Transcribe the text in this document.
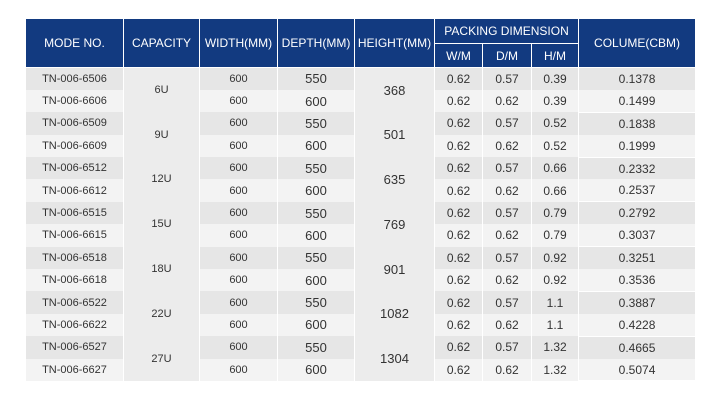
MODE NO.	CAPACITY	WIDTH(MM)	DEPTH(MM)	HEIGHT(MM)	PACKING DIMENSION			COLUME(CBM)
					W/M	D/M	H/M	
TN-006-6506	6U	600	550	368	0.62	0.57	0.39	0.1378
TN-006-6606		600	600		0.62	0.62	0.39	0.1499
TN-006-6509	9U	600	550	501	0.62	0.57	0.52	0.1838
TN-006-6609		600	600		0.62	0.62	0.52	0.1999
TN-006-6512	12U	600	550	635	0.62	0.57	0.66	0.2332
TN-006-6612		600	600		0.62	0.62	0.66	0.2537
TN-006-6515	15U	600	550	769	0.62	0.57	0.79	0.2792
TN-006-6615		600	600		0.62	0.62	0.79	0.3037
TN-006-6518	18U	600	550	901	0.62	0.57	0.92	0.3251
TN-006-6618		600	600		0.62	0.62	0.92	0.3536
TN-006-6522	22U	600	550	1082	0.62	0.57	1.1	0.3887
TN-006-6622		600	600		0.62	0.62	1.1	0.4228
TN-006-6527	27U	600	550	1304	0.62	0.57	1.32	0.4665
TN-006-6627		600	600		0.62	0.62	1.32	0.5074
